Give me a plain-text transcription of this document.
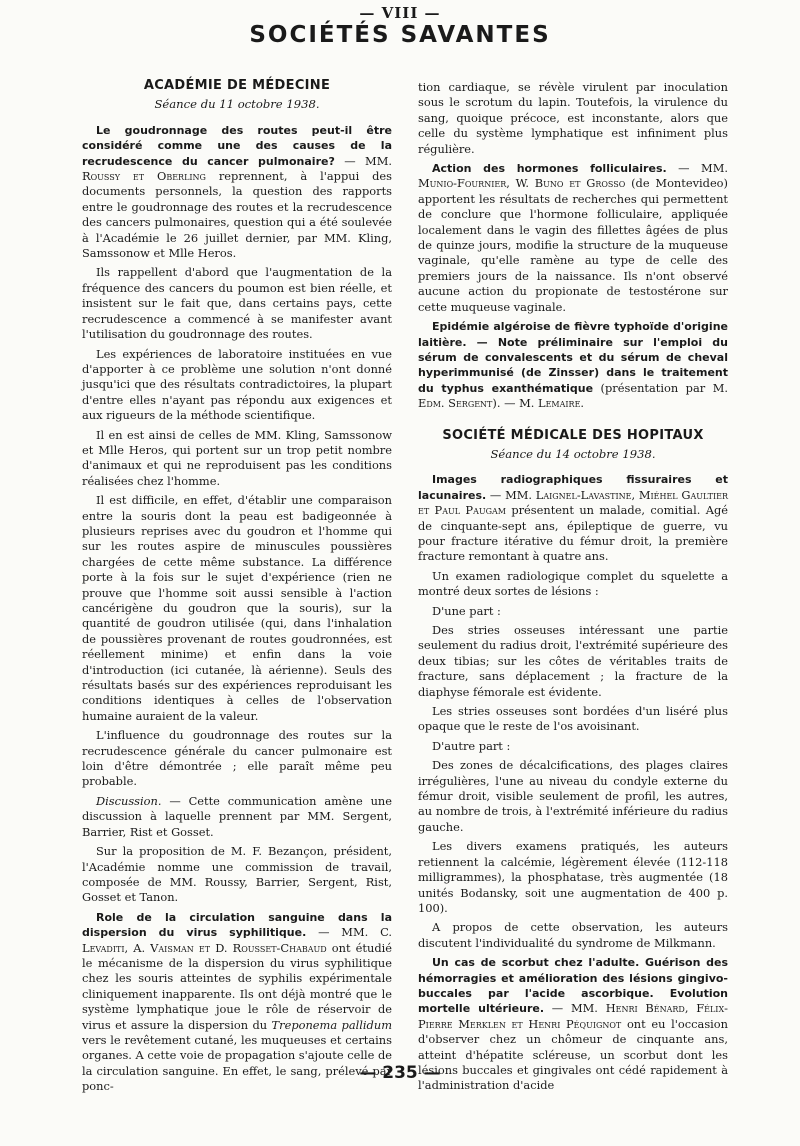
— VIII —
SOCIÉTÉS SAVANTES
ACADÉMIE DE MÉDECINE
Séance du 11 octobre 1938.

Le goudronnage des routes peut-il être considéré comme une des causes de la recrudescence du cancer pulmonaire? — MM. Roussy et Oberling reprennent, à l'appui des documents personnels, la question des rapports entre le goudronnage des routes et la recrudescence des cancers pulmonaires, question qui a été soulevée à l'Académie le 26 juillet dernier, par MM. Kling, Samssonow et Mlle Heros.

Ils rappellent d'abord que l'augmentation de la fréquence des cancers du poumon est bien réelle, et insistent sur le fait que, dans certains pays, cette recrudescence a commencé à se manifester avant l'utilisation du goudronnage des routes.

Les expériences de laboratoire instituées en vue d'apporter à ce problème une solution n'ont donné jusqu'ici que des résultats contradictoires, la plupart d'entre elles n'ayant pas répondu aux exigences et aux rigueurs de la méthode scientifique.

Il en est ainsi de celles de MM. Kling, Samssonow et Mlle Heros, qui portent sur un trop petit nombre d'animaux et qui ne reproduisent pas les conditions réalisées chez l'homme.

Il est difficile, en effet, d'établir une comparaison entre la souris dont la peau est badigeonnée à plusieurs reprises avec du goudron et l'homme qui sur les routes aspire de minuscules poussières chargées de cette même substance. La différence porte à la fois sur le sujet d'expérience (rien ne prouve que l'homme soit aussi sensible à l'action cancérigène du goudron que la souris), sur la quantité de goudron utilisée (qui, dans l'inhalation de poussières provenant de routes goudronnées, est réellement minime) et enfin dans la voie d'introduction (ici cutanée, là aérienne). Seuls des résultats basés sur des expériences reproduisant les conditions identiques à celles de l'observation humaine auraient de la valeur.

L'influence du goudronnage des routes sur la recrudescence générale du cancer pulmonaire est loin d'être démontrée ; elle paraît même peu probable.

Discussion. — Cette communication amène une discussion à laquelle prennent par MM. Sergent, Barrier, Rist et Gosset.

Sur la proposition de M. F. Bezançon, président, l'Académie nomme une commission de travail, composée de MM. Roussy, Barrier, Sergent, Rist, Gosset et Tanon.

Role de la circulation sanguine dans la dispersion du virus syphilitique. — MM. C. Levaditi, A. Vaisman et D. Rousset-Chabaud ont étudié le mécanisme de la dispersion du virus syphilitique chez les souris atteintes de syphilis expérimentale cliniquement inapparente. Ils ont déjà montré que le système lymphatique joue le rôle de réservoir de virus et assure la dispersion du Treponema pallidum vers le revêtement cutané, les muqueuses et certains organes. A cette voie de propagation s'ajoute celle de la circulation sanguine. En effet, le sang, prélevé par ponc-

tion cardiaque, se révèle virulent par inoculation sous le scrotum du lapin. Toutefois, la virulence du sang, quoique précoce, est inconstante, alors que celle du système lymphatique est infiniment plus régulière.

Action des hormones folliculaires. — MM. Munio-Fournier, W. Buno et Grosso (de Montevideo) apportent les résultats de recherches qui permettent de conclure que l'hormone folliculaire, appliquée localement dans le vagin des fillettes âgées de plus de quinze jours, modifie la structure de la muqueuse vaginale, qu'elle ramène au type de celle des premiers jours de la naissance. Ils n'ont observé aucune action du propionate de testostérone sur cette muqueuse vaginale.

Epidémie algéroise de fièvre typhoïde d'origine laitière. — Note préliminaire sur l'emploi du sérum de convalescents et du sérum de cheval hyperimmunisé (de Zinsser) dans le traitement du typhus exanthématique (présentation par M. Edm. Sergent). — M. Lemaire.

SOCIÉTÉ MÉDICALE DES HOPITAUX
Séance du 14 octobre 1938.

Images radiographiques fissuraires et lacunaires. — MM. Laignel-Lavastine, Miéhel Gaultier et Paul Paugam présentent un malade, comitial. Agé de cinquante-sept ans, épileptique de guerre, vu pour fracture itérative du fémur droit, la première fracture remontant à quatre ans.

Un examen radiologique complet du squelette a montré deux sortes de lésions :

D'une part :

Des stries osseuses intéressant une partie seulement du radius droit, l'extrémité supérieure des deux tibias; sur les côtes de véritables traits de fracture, sans déplacement ; la fracture de la diaphyse fémorale est évidente.

Les stries osseuses sont bordées d'un liséré plus opaque que le reste de l'os avoisinant.

D'autre part :

Des zones de décalcifications, des plages claires irrégulières, l'une au niveau du condyle externe du fémur droit, visible seulement de profil, les autres, au nombre de trois, à l'extrémité inférieure du radius gauche.

Les divers examens pratiqués, les auteurs retiennent la calcémie, légèrement élevée (112-118 milligrammes), la phosphatase, très augmentée (18 unités Bodansky, soit une augmentation de 400 p. 100).

A propos de cette observation, les auteurs discutent l'individualité du syndrome de Milkmann.

Un cas de scorbut chez l'adulte. Guérison des hémorragies et amélioration des lésions gingivo-buccales par l'acide ascorbique. Evolution mortelle ultérieure. — MM. Henri Bénard, Félix-Pierre Merklen et Henri Péquignot ont eu l'occasion d'observer chez un chômeur de cinquante ans, atteint d'hépatite scléreuse, un scorbut dont les lésions buccales et gingivales ont cédé rapidement à l'administration d'acide

— 235 —
